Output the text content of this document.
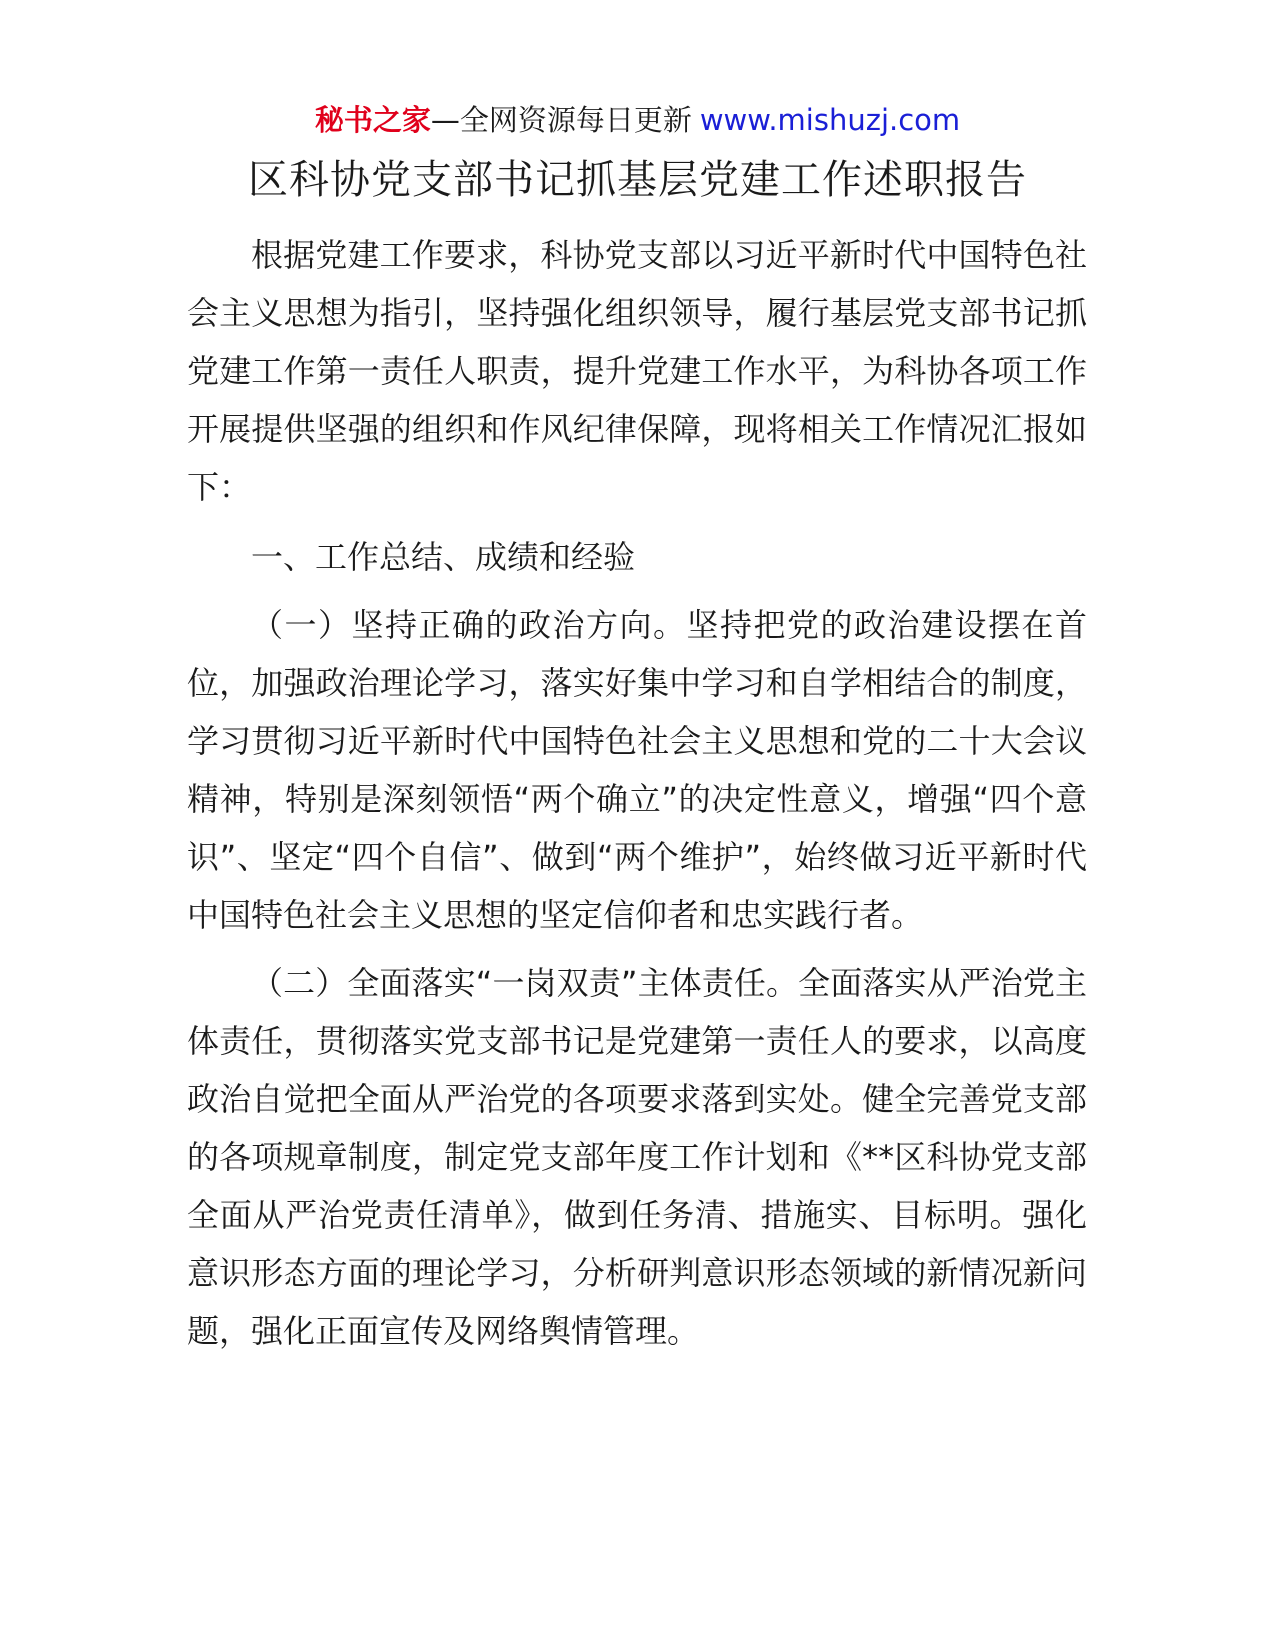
秘书之家—全网资源每日更新 www.mishuzj.com
区科协党支部书记抓基层党建工作述职报告

根据党建工作要求，科协党支部以习近平新时代中国特色社会主义思想为指引，坚持强化组织领导，履行基层党支部书记抓党建工作第一责任人职责，提升党建工作水平，为科协各项工作开展提供坚强的组织和作风纪律保障，现将相关工作情况汇报如下：

一、工作总结、成绩和经验

（一）坚持正确的政治方向。坚持把党的政治建设摆在首位，加强政治理论学习，落实好集中学习和自学相结合的制度，学习贯彻习近平新时代中国特色社会主义思想和党的二十大会议精神，特别是深刻领悟“两个确立”的决定性意义，增强“四个意识”、坚定“四个自信”、做到“两个维护”，始终做习近平新时代中国特色社会主义思想的坚定信仰者和忠实践行者。

（二）全面落实“一岗双责”主体责任。全面落实从严治党主体责任，贯彻落实党支部书记是党建第一责任人的要求，以高度政治自觉把全面从严治党的各项要求落到实处。健全完善党支部的各项规章制度，制定党支部年度工作计划和《**区科协党支部全面从严治党责任清单》，做到任务清、措施实、目标明。强化意识形态方面的理论学习，分析研判意识形态领域的新情况新问题，强化正面宣传及网络舆情管理。
